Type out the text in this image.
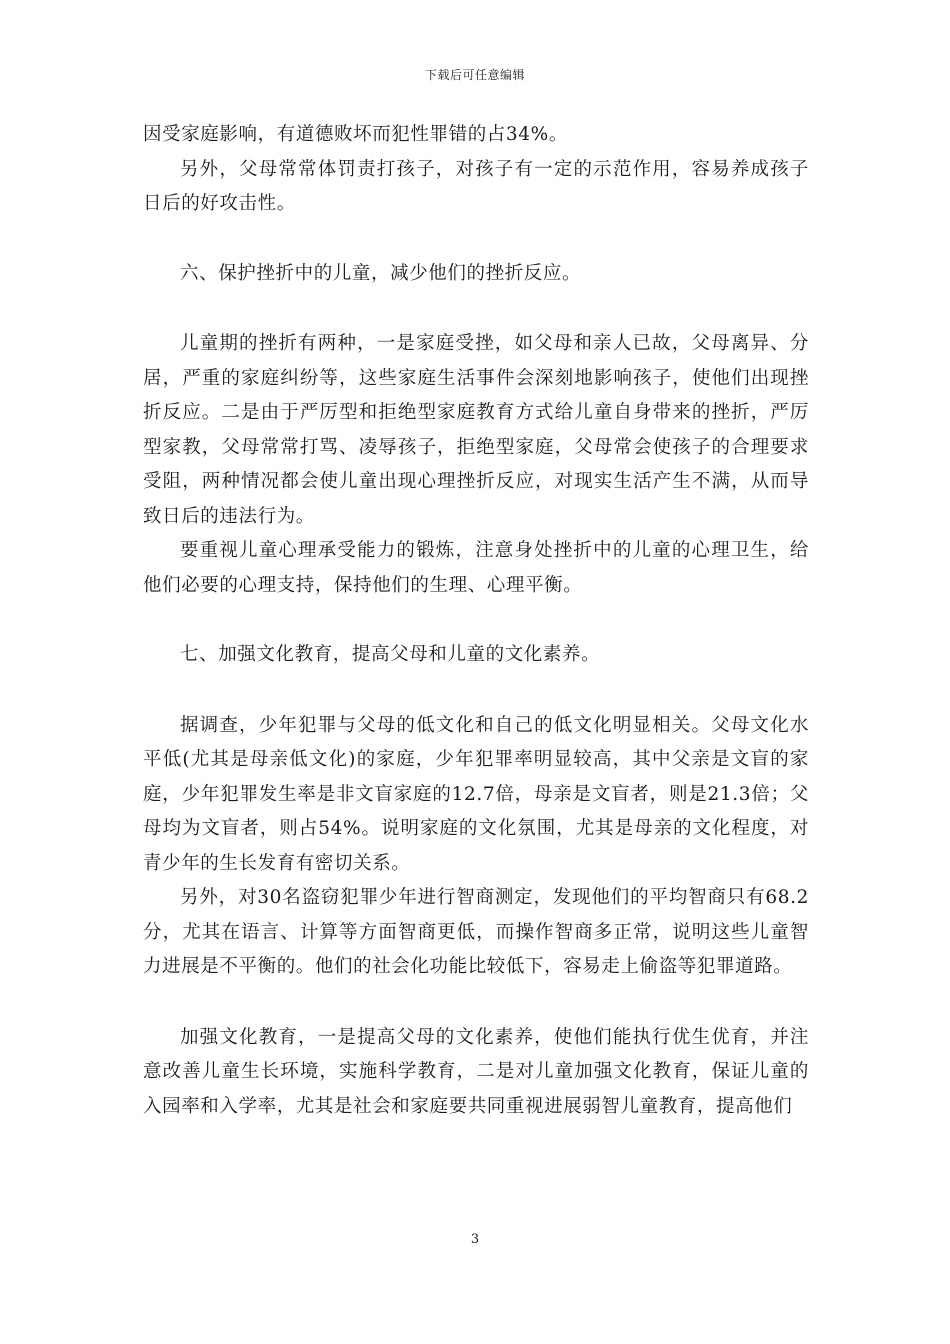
下载后可任意编辑

因受家庭影响，有道德败坏而犯性罪错的占34%。

另外，父母常常体罚责打孩子，对孩子有一定的示范作用，容易养成孩子日后的好攻击性。

六、保护挫折中的儿童，减少他们的挫折反应。

儿童期的挫折有两种，一是家庭受挫，如父母和亲人已故，父母离异、分居，严重的家庭纠纷等，这些家庭生活事件会深刻地影响孩子，使他们出现挫折反应。二是由于严厉型和拒绝型家庭教育方式给儿童自身带来的挫折，严厉型家教，父母常常打骂、凌辱孩子，拒绝型家庭，父母常会使孩子的合理要求受阻，两种情况都会使儿童出现心理挫折反应，对现实生活产生不满，从而导致日后的违法行为。

要重视儿童心理承受能力的锻炼，注意身处挫折中的儿童的心理卫生，给他们必要的心理支持，保持他们的生理、心理平衡。

七、加强文化教育，提高父母和儿童的文化素养。

据调查，少年犯罪与父母的低文化和自己的低文化明显相关。父母文化水平低(尤其是母亲低文化)的家庭，少年犯罪率明显较高，其中父亲是文盲的家庭，少年犯罪发生率是非文盲家庭的12.7倍，母亲是文盲者，则是21.3倍；父母均为文盲者，则占54%。说明家庭的文化氛围，尤其是母亲的文化程度，对青少年的生长发育有密切关系。

另外，对30名盗窃犯罪少年进行智商测定，发现他们的平均智商只有68.2分，尤其在语言、计算等方面智商更低，而操作智商多正常，说明这些儿童智力进展是不平衡的。他们的社会化功能比较低下，容易走上偷盗等犯罪道路。

加强文化教育，一是提高父母的文化素养，使他们能执行优生优育，并注意改善儿童生长环境，实施科学教育，二是对儿童加强文化教育，保证儿童的入园率和入学率，尤其是社会和家庭要共同重视进展弱智儿童教育，提高他们

3
